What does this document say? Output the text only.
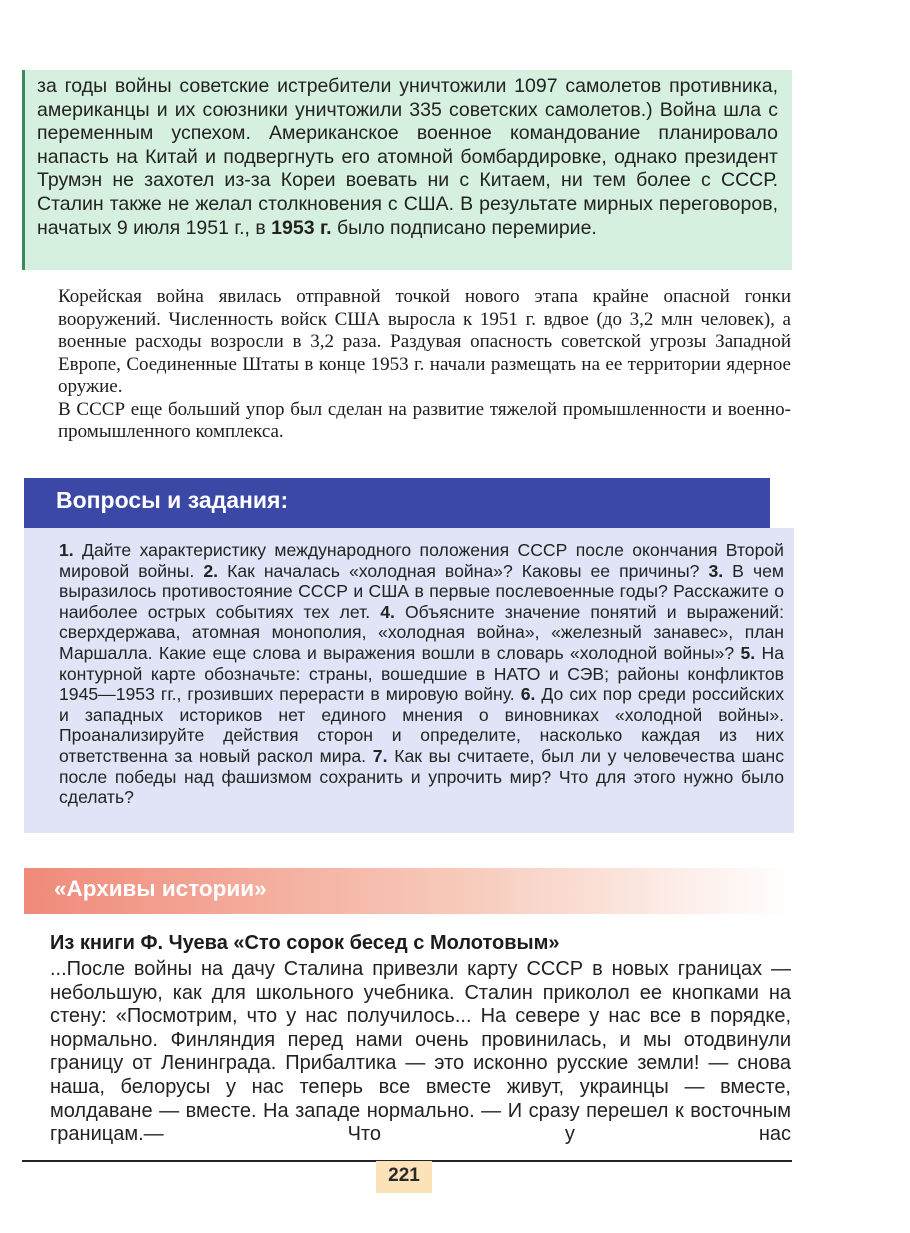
за годы войны советские истребители уничтожили 1097 самолетов противника, американцы и их союзники уничтожили 335 советских самолетов.) Война шла с переменным успехом. Американское военное командование планировало напасть на Китай и подвергнуть его атомной бомбардировке, однако президент Трумэн не захотел из-за Кореи воевать ни с Китаем, ни тем более с СССР. Сталин также не желал столкновения с США. В результате мирных переговоров, начатых 9 июля 1951 г., в 1953 г. было подписано перемирие.

Корейская война явилась отправной точкой нового этапа крайне опасной гонки вооружений. Численность войск США выросла к 1951 г. вдвое (до 3,2 млн человек), а военные расходы возросли в 3,2 раза. Раздувая опасность советской угрозы Западной Европе, Соединенные Штаты в конце 1953 г. начали размещать на ее территории ядерное оружие.

В СССР еще больший упор был сделан на развитие тяжелой промышленности и военно-промышленного комплекса.

Вопросы и задания:

1. Дайте характеристику международного положения СССР после окончания Второй мировой войны. 2. Как началась «холодная война»? Каковы ее причины? 3. В чем выразилось противостояние СССР и США в первые послевоенные годы? Расскажите о наиболее острых событиях тех лет. 4. Объясните значение понятий и выражений: сверхдержава, атомная монополия, «холодная война», «железный занавес», план Маршалла. Какие еще слова и выражения вошли в словарь «холодной войны»? 5. На контурной карте обозначьте: страны, вошедшие в НАТО и СЭВ; районы конфликтов 1945—1953 гг., грозивших перерасти в мировую войну. 6. До сих пор среди российских и западных историков нет единого мнения о виновниках «холодной войны». Проанализируйте действия сторон и определите, насколько каждая из них ответственна за новый раскол мира. 7. Как вы считаете, был ли у человечества шанс после победы над фашизмом сохранить и упрочить мир? Что для этого нужно было сделать?

«Архивы истории»
Из книги Ф. Чуева «Сто сорок бесед с Молотовым»

...После войны на дачу Сталина привезли карту СССР в новых границах — небольшую, как для школьного учебника. Сталин приколол ее кнопками на стену: «Посмотрим, что у нас получилось... На севере у нас все в порядке, нормально. Финляндия перед нами очень провинилась, и мы отодвинули границу от Ленинграда. Прибалтика — это исконно русские земли! — снова наша, белорусы у нас теперь все вместе живут, украинцы — вместе, молдаване — вместе. На западе нормально. — И сразу перешел к восточным границам.— Что у нас

221
